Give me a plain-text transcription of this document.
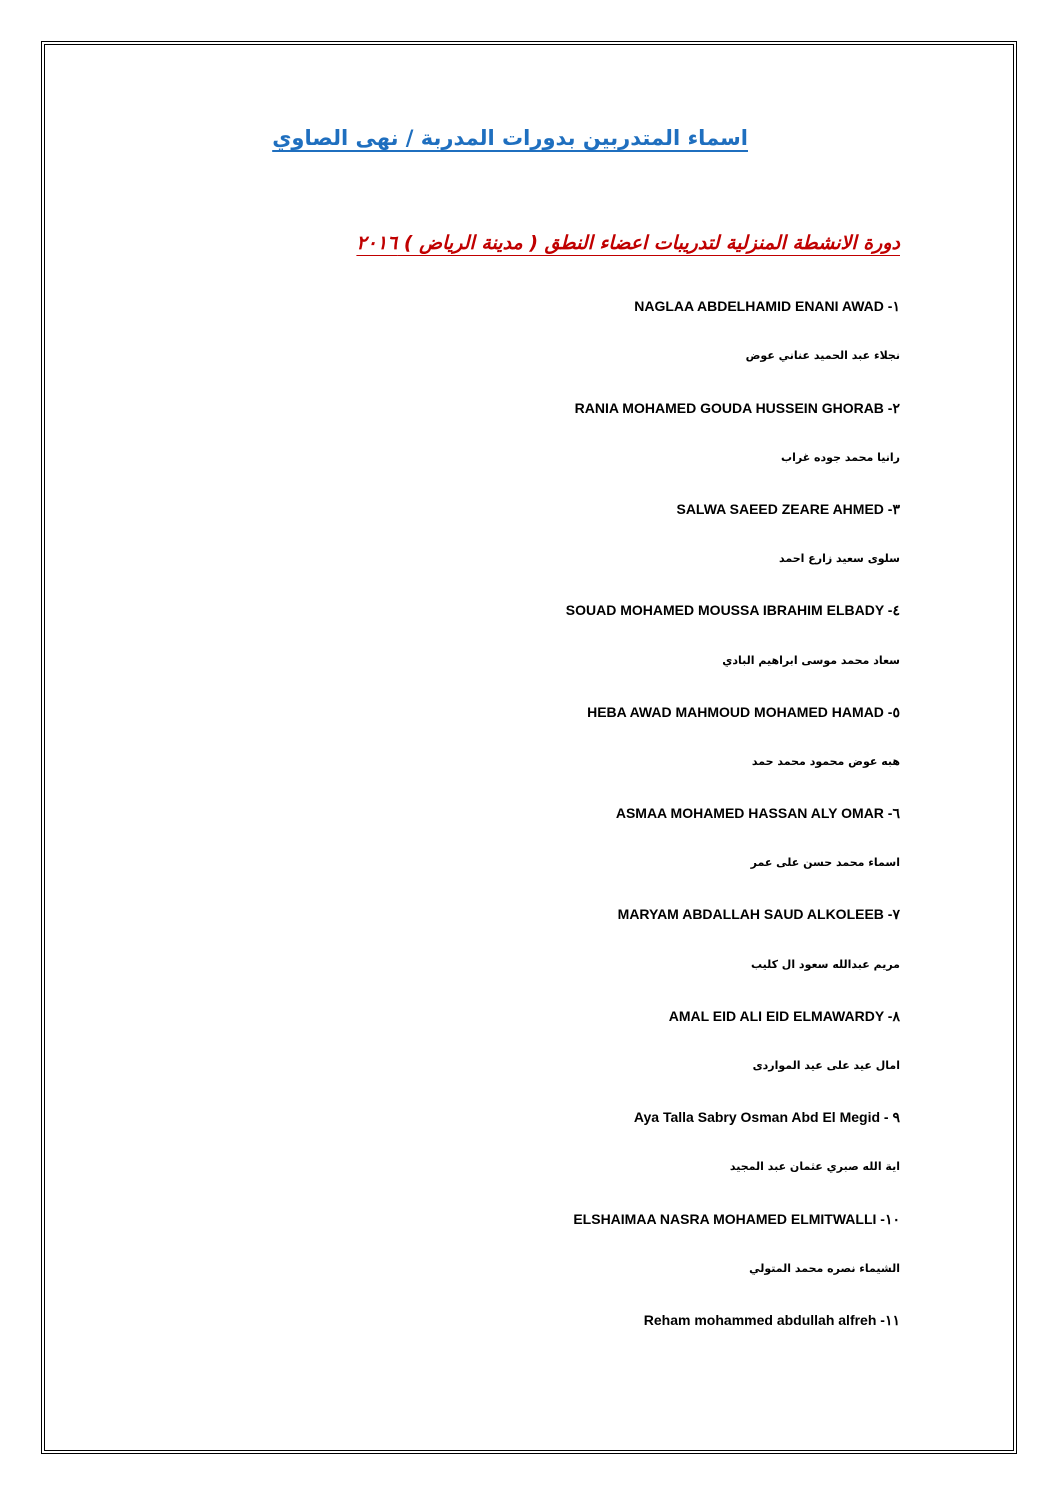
اسماء المتدربين بدورات المدربة / نهى الصاوي
دورة الانشطة المنزلية لتدريبات اعضاء النطق ( مدينة الرياض ) ٢٠١٦
NAGLAA ABDELHAMID ENANI AWAD -١
نجلاء عبد الحميد عناني عوض
RANIA MOHAMED GOUDA HUSSEIN GHORAB -٢
رانيا محمد جوده غراب
SALWA SAEED ZEARE AHMED -٣
سلوى سعيد زارع احمد
SOUAD MOHAMED MOUSSA IBRAHIM ELBADY -٤
سعاد محمد موسى ابراهيم البادي
HEBA AWAD MAHMOUD MOHAMED HAMAD -٥
هبه عوض محمود محمد حمد
ASMAA MOHAMED HASSAN ALY OMAR -٦
اسماء محمد حسن على عمر
MARYAM ABDALLAH SAUD ALKOLEEB -٧
مريم عبدالله سعود ال كليب
AMAL EID ALI EID ELMAWARDY -٨
امال عيد على عيد الموارد‏ى
Aya Talla Sabry Osman Abd El Megid - ٩
اية الله صبري عثمان عبد المجيد
ELSHAIMAA NASRA MOHAMED ELMITWALLI -١٠
الشيماء نصره محمد المتولي
Reham mohammed abdullah alfreh -١١
